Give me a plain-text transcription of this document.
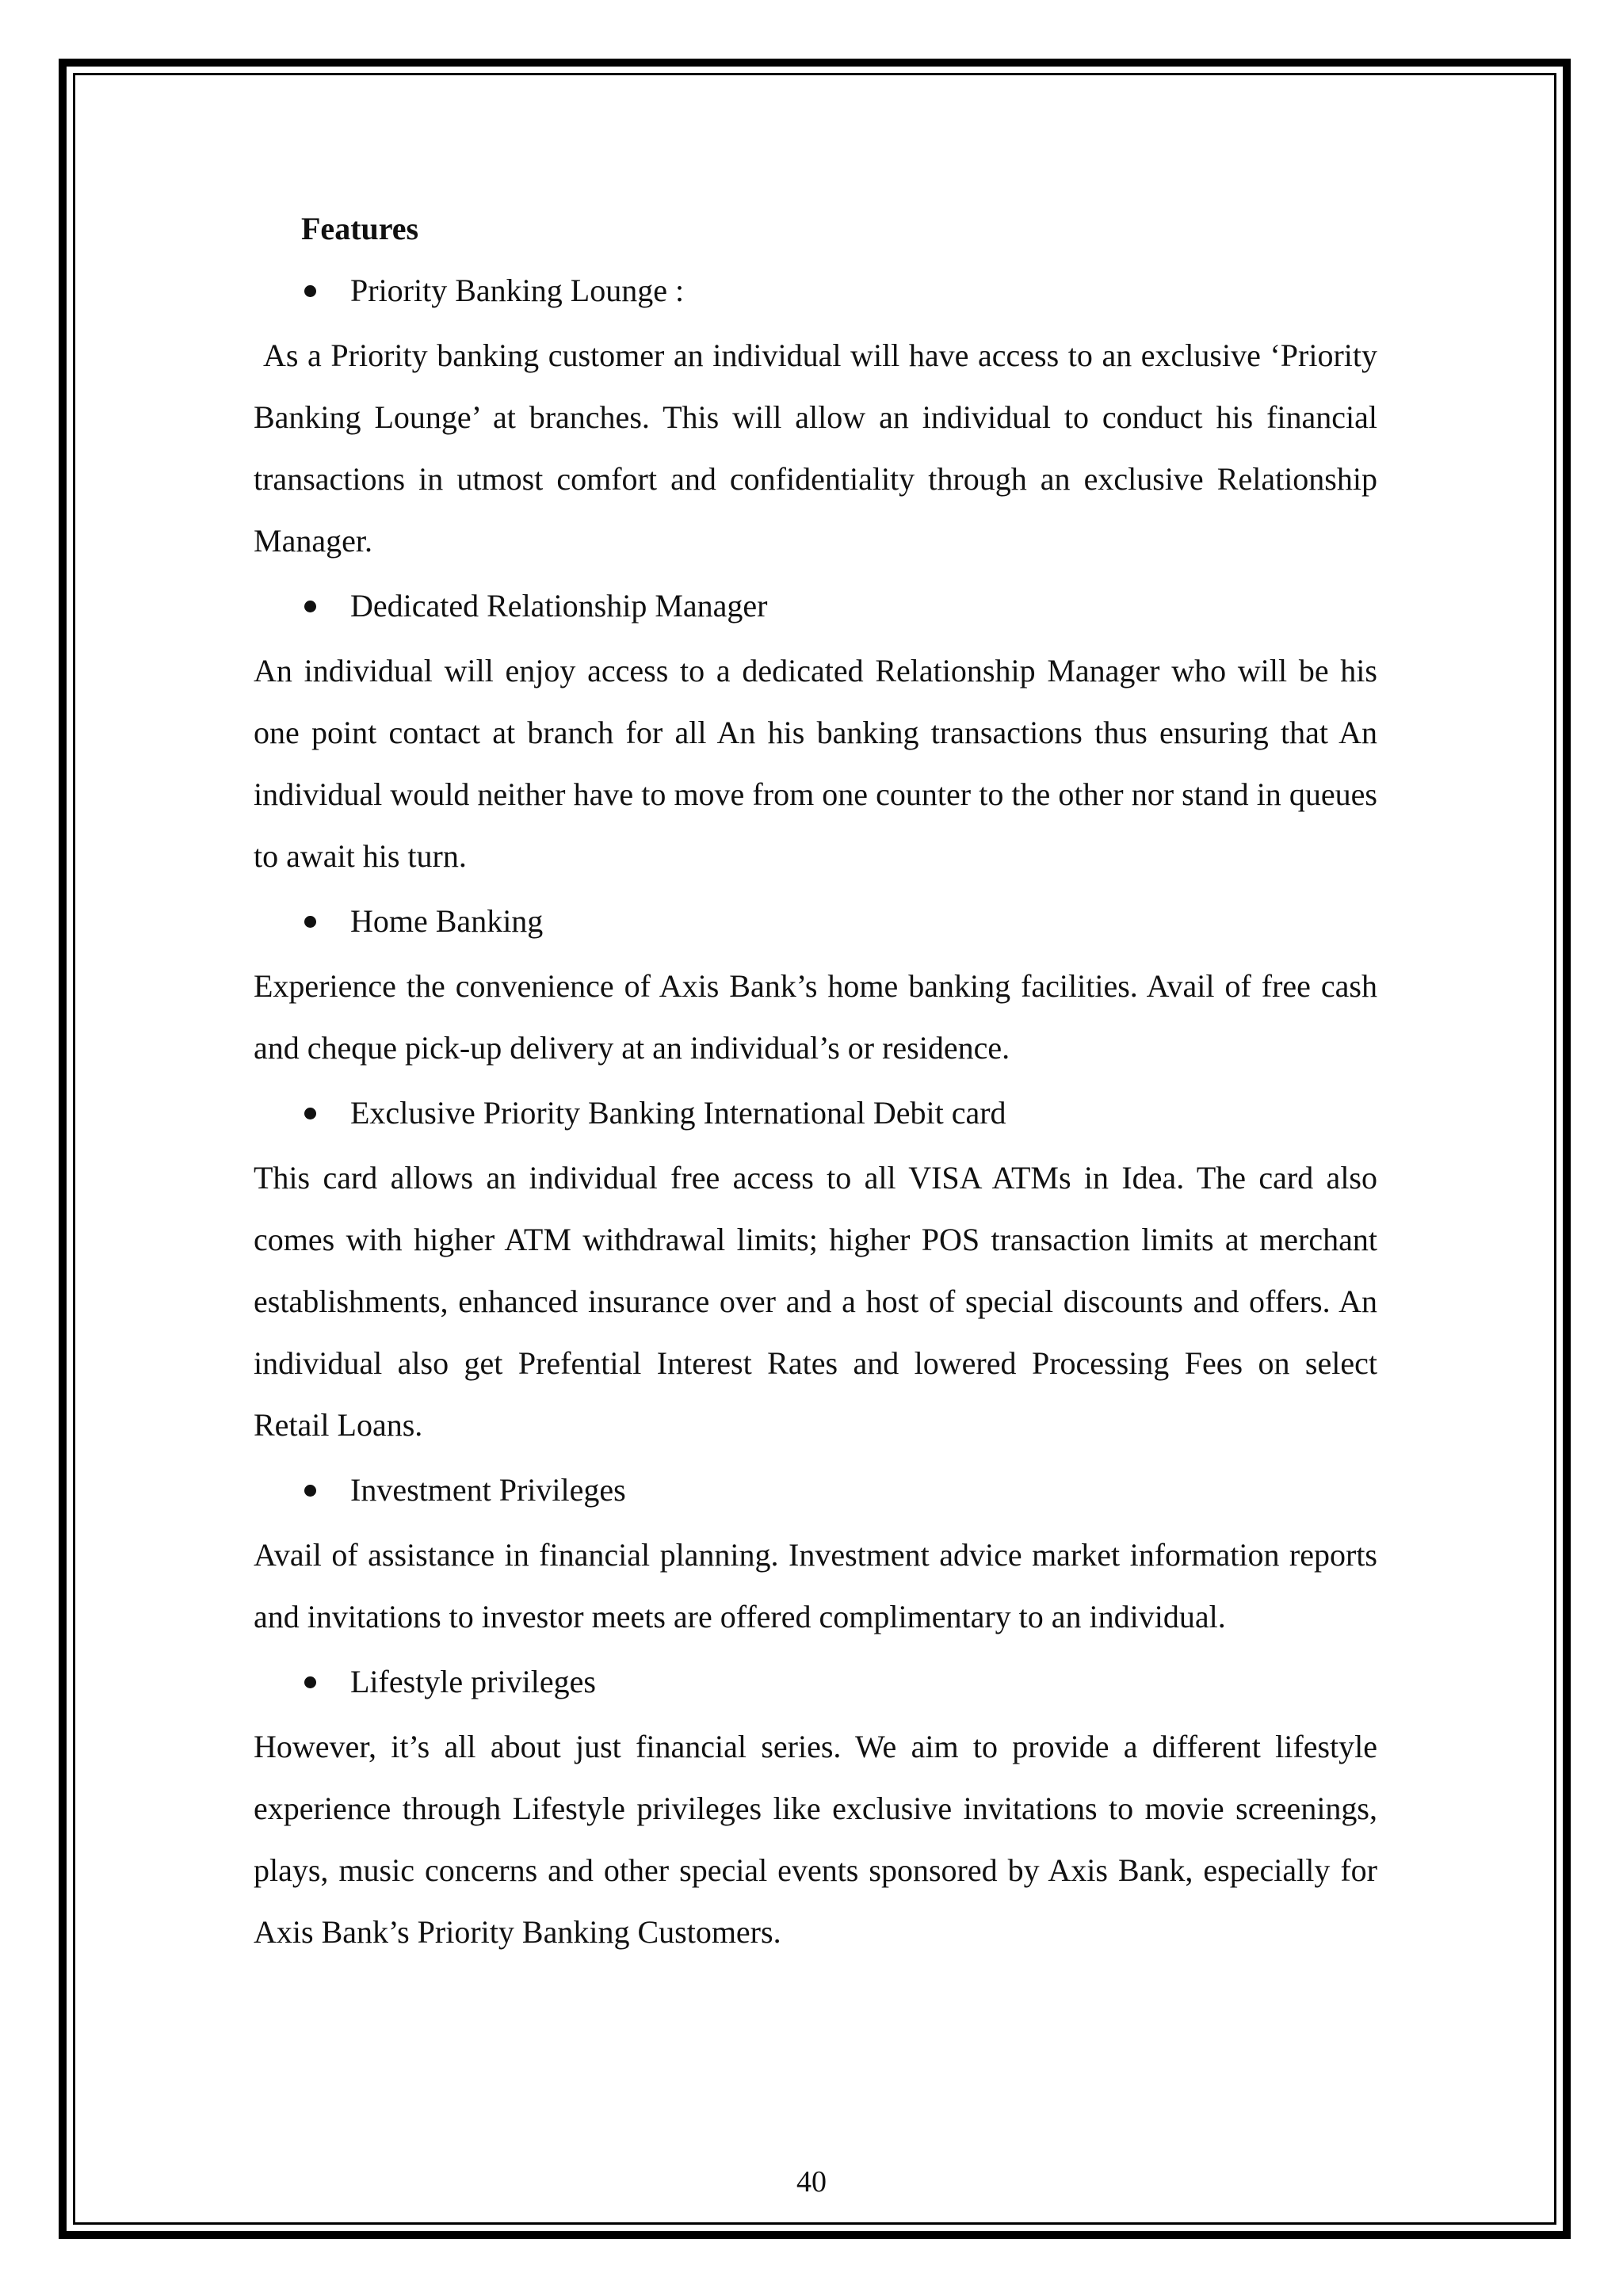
Features
Priority Banking Lounge :

As a Priority banking customer an individual will have access to an exclusive ‘Priority Banking Lounge’ at branches. This will allow an individual to conduct his financial transactions in utmost comfort and confidentiality through an exclusive Relationship Manager.

Dedicated Relationship Manager

An individual will enjoy access to a dedicated Relationship Manager who will be his one point contact at branch for all An his banking transactions thus ensuring that An individual would neither have to move from one counter to the other nor stand in queues to await his turn.

Home Banking

Experience the convenience of Axis Bank’s home banking facilities. Avail of free cash and cheque pick-up delivery at an individual’s or residence.

Exclusive Priority Banking International Debit card

This card allows an individual free access to all VISA ATMs in Idea. The card also comes with higher ATM withdrawal limits; higher POS transaction limits at merchant establishments, enhanced insurance over and a host of special discounts and offers. An individual also get Prefential Interest Rates and lowered Processing Fees on select Retail Loans.

Investment Privileges

Avail of assistance in financial planning. Investment advice market information reports and invitations to investor meets are offered complimentary to an individual.

Lifestyle privileges

However, it’s all about just financial series. We aim to provide a different lifestyle experience through Lifestyle privileges like exclusive invitations to movie screenings, plays, music concerns and other special events sponsored by Axis Bank, especially for Axis Bank’s Priority Banking Customers.

40
